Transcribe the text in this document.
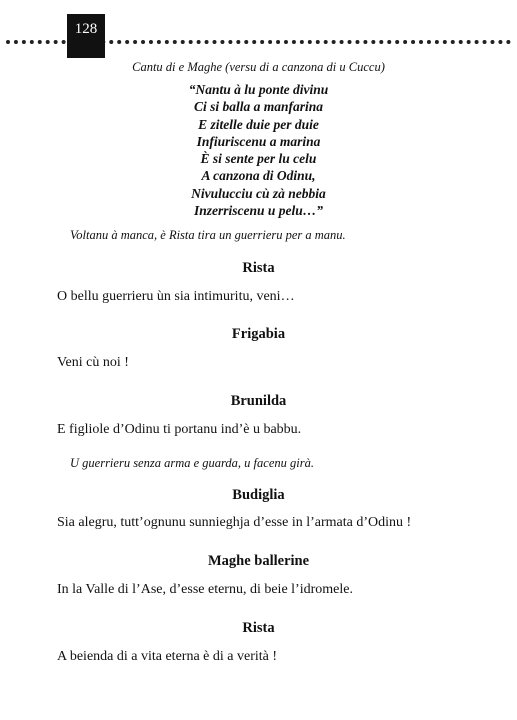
128
Cantu di e Maghe (versu di a canzona di u Cuccu)
“Nantu à lu ponte divinu
Ci si balla a manfarina
E zitelle duie per duie
Infiuriscenu a marina
È si sente per lu celu
A canzona di Odinu,
Nivulucciu cù zà nebbia
Inzerriscenu u pelu…”
Voltanu à manca, è Rista tira un guerrieru per a manu.
Rista
O bellu guerrieru ùn sia intimuritu, veni…
Frigabia
Veni cù noi !
Brunilda
E figliole d’Odinu ti portanu ind’è u babbu.
U guerrieru senza arma e guarda, u facenu girà.
Budiglia
Sia alegru, tutt’ognunu sunnieghja d’esse in l’armata d’Odinu !
Maghe ballerine
In la Valle di l’Ase, d’esse eternu, di beie l’idromele.
Rista
A beienda di a vita eterna è di a verità !
